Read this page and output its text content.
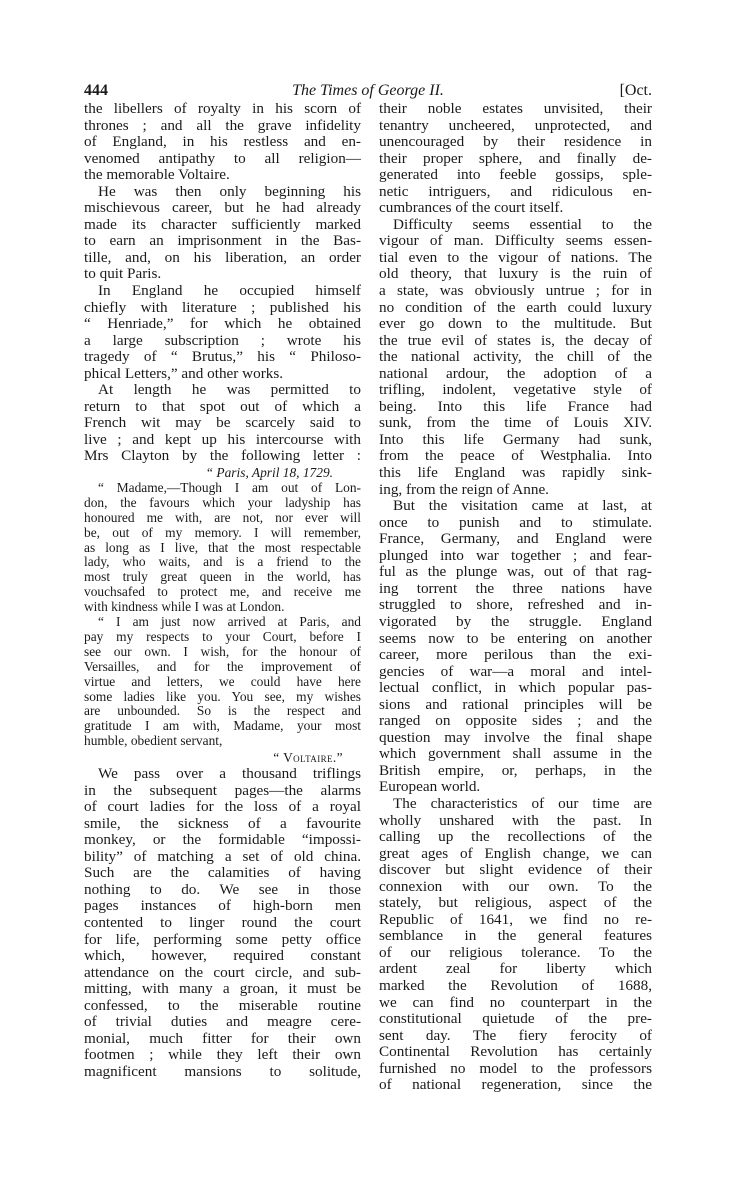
444	The Times of George II.	[Oct.
the libellers of royalty in his scorn of
thrones ; and all the grave infidelity
of England, in his restless and en-
venomed antipathy to all religion—
the memorable Voltaire.
He was then only beginning his
mischievous career, but he had already
made its character sufficiently marked
to earn an imprisonment in the Bas-
tille, and, on his liberation, an order
to quit Paris.
In England he occupied himself
chiefly with literature ; published his
“ Henriade,” for which he obtained
a large subscription ; wrote his
tragedy of “ Brutus,” his “ Philoso-
phical Letters,” and other works.
At length he was permitted to
return to that spot out of which a
French wit may be scarcely said to
live ; and kept up his intercourse with
Mrs Clayton by the following letter :
“ Paris, April 18, 1729.
“ Madame,—Though I am out of Lon-
don, the favours which your ladyship has
honoured me with, are not, nor ever will
be, out of my memory. I will remember,
as long as I live, that the most respectable
lady, who waits, and is a friend to the
most truly great queen in the world, has
vouchsafed to protect me, and receive me
with kindness while I was at London.
“ I am just now arrived at Paris, and
pay my respects to your Court, before I
see our own. I wish, for the honour of
Versailles, and for the improvement of
virtue and letters, we could have here
some ladies like you. You see, my wishes
are unbounded. So is the respect and
gratitude I am with, Madame, your most
humble, obedient servant,
“ Voltaire.”
We pass over a thousand triflings
in the subsequent pages—the alarms
of court ladies for the loss of a royal
smile, the sickness of a favourite
monkey, or the formidable “impossi-
bility” of matching a set of old china.
Such are the calamities of having
nothing to do. We see in those
pages instances of high-born men
contented to linger round the court
for life, performing some petty office
which, however, required constant
attendance on the court circle, and sub-
mitting, with many a groan, it must be
confessed, to the miserable routine
of trivial duties and meagre cere-
monial, much fitter for their own
footmen ; while they left their own
magnificent mansions to solitude,
their noble estates unvisited, their
tenantry uncheered, unprotected, and
unencouraged by their residence in
their proper sphere, and finally de-
generated into feeble gossips, sple-
netic intriguers, and ridiculous en-
cumbrances of the court itself.
Difficulty seems essential to the
vigour of man. Difficulty seems essen-
tial even to the vigour of nations. The
old theory, that luxury is the ruin of
a state, was obviously untrue ; for in
no condition of the earth could luxury
ever go down to the multitude. But
the true evil of states is, the decay of
the national activity, the chill of the
national ardour, the adoption of a
trifling, indolent, vegetative style of
being. Into this life France had
sunk, from the time of Louis XIV.
Into this life Germany had sunk,
from the peace of Westphalia. Into
this life England was rapidly sink-
ing, from the reign of Anne.
But the visitation came at last, at
once to punish and to stimulate.
France, Germany, and England were
plunged into war together ; and fear-
ful as the plunge was, out of that rag-
ing torrent the three nations have
struggled to shore, refreshed and in-
vigorated by the struggle. England
seems now to be entering on another
career, more perilous than the exi-
gencies of war—a moral and intel-
lectual conflict, in which popular pas-
sions and rational principles will be
ranged on opposite sides ; and the
question may involve the final shape
which government shall assume in the
British empire, or, perhaps, in the
European world.
The characteristics of our time are
wholly unshared with the past. In
calling up the recollections of the
great ages of English change, we can
discover but slight evidence of their
connexion with our own. To the
stately, but religious, aspect of the
Republic of 1641, we find no re-
semblance in the general features
of our religious tolerance. To the
ardent zeal for liberty which
marked the Revolution of 1688,
we can find no counterpart in the
constitutional quietude of the pre-
sent day. The fiery ferocity of
Continental Revolution has certainly
furnished no model to the professors
of national regeneration, since the
